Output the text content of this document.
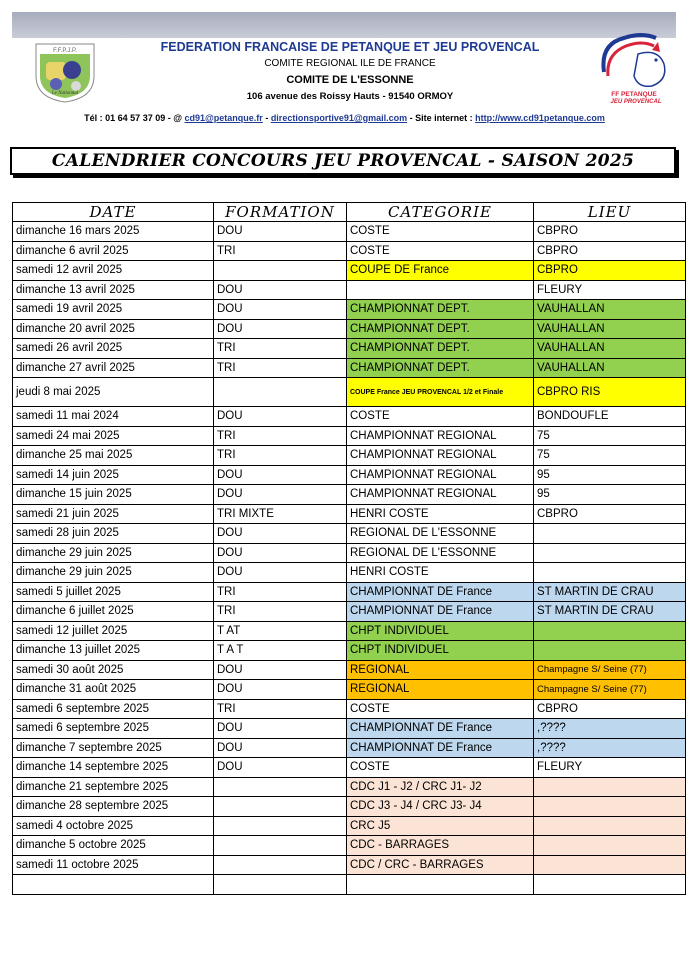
F.F.P.J.P.
Le Nationnal	FF PETANQUE
JEU PROVENCAL
FEDERATION FRANCAISE DE PETANQUE ET JEU PROVENCAL
COMITE REGIONAL ILE DE FRANCE
COMITE DE L'ESSONNE
106 avenue des Roissy Hauts - 91540 ORMOY
Tél : 01 64 57 37 09 - @ cd91@petanque.fr - directionsportive91@gmail.com - Site internet : http://www.cd91petanque.com
CALENDRIER CONCOURS JEU PROVENCAL - SAISON 2025
DATE	FORMATION	CATEGORIE	LIEU
dimanche 16 mars 2025	DOU	COSTE	CBPRO
dimanche 6 avril 2025	TRI	COSTE	CBPRO
samedi 12 avril 2025		COUPE DE France	CBPRO
dimanche 13 avril 2025	DOU		FLEURY
samedi 19 avril 2025	DOU	CHAMPIONNAT DEPT.	VAUHALLAN
dimanche 20 avril 2025	DOU	CHAMPIONNAT DEPT.	VAUHALLAN
samedi 26 avril 2025	TRI	CHAMPIONNAT DEPT.	VAUHALLAN
dimanche 27 avril 2025	TRI	CHAMPIONNAT DEPT.	VAUHALLAN
jeudi 8 mai 2025		COUPE France JEU PROVENCAL 1/2 et Finale	CBPRO RIS
samedi 11 mai 2024	DOU	COSTE	BONDOUFLE
samedi 24 mai 2025	TRI	CHAMPIONNAT REGIONAL	75
dimanche 25 mai 2025	TRI	CHAMPIONNAT REGIONAL	75
samedi 14 juin 2025	DOU	CHAMPIONNAT REGIONAL	95
dimanche 15 juin 2025	DOU	CHAMPIONNAT REGIONAL	95
samedi 21 juin 2025	TRI MIXTE	HENRI COSTE	CBPRO
samedi 28 juin 2025	DOU	REGIONAL DE L'ESSONNE	
dimanche 29 juin 2025	DOU	REGIONAL DE L'ESSONNE	
dimanche 29 juin 2025	DOU	HENRI COSTE	
samedi 5 juillet 2025	TRI	CHAMPIONNAT DE France	ST MARTIN DE CRAU
dimanche 6 juillet 2025	TRI	CHAMPIONNAT DE France	ST MARTIN DE CRAU
samedi 12 juillet 2025	T AT	CHPT INDIVIDUEL	
dimanche 13 juillet 2025	T A T	CHPT INDIVIDUEL	
samedi 30 août 2025	DOU	REGIONAL	Champagne S/ Seine (77)
dimanche 31 août 2025	DOU	REGIONAL	Champagne S/ Seine (77)
samedi 6 septembre 2025	TRI	COSTE	CBPRO
samedi 6 septembre 2025	DOU	CHAMPIONNAT DE France	,????
dimanche 7 septembre 2025	DOU	CHAMPIONNAT DE France	,????
dimanche 14 septembre 2025	DOU	COSTE	FLEURY
dimanche 21 septembre 2025		CDC J1 - J2 / CRC J1- J2	
dimanche 28 septembre 2025		CDC J3 - J4 / CRC J3- J4	
samedi 4 octobre 2025		CRC J5	
dimanche 5 octobre 2025		CDC - BARRAGES	
samedi 11 octobre 2025		CDC / CRC - BARRAGES	
